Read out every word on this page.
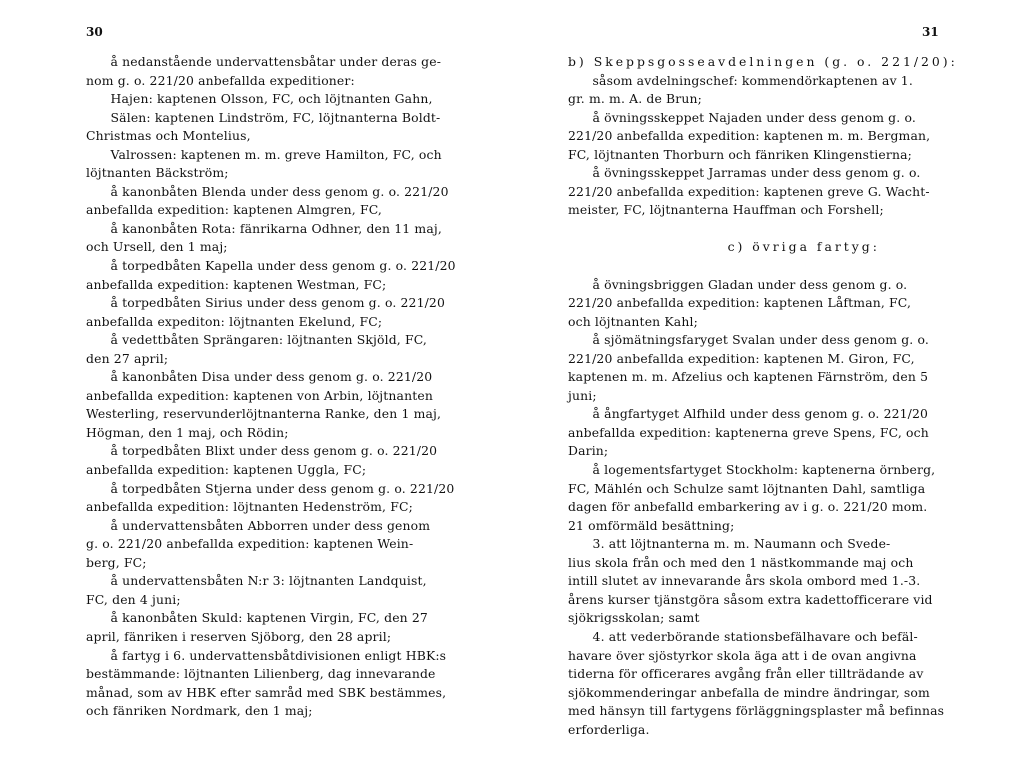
30
å nedanstående undervattensbåtar under deras ge-
nom g. o. 221/20 anbefallda expeditioner:
Hajen: kaptenen Olsson, FC, och löjtnanten Gahn,
Sälen: kaptenen Lindström, FC, löjtnanterna Boldt-
Christmas och Montelius,
Valrossen: kaptenen m. m. greve Hamilton, FC, och
löjtnanten Bäckström;
å kanonbåten Blenda under dess genom g. o. 221/20
anbefallda expedition: kaptenen Almgren, FC,
å kanonbåten Rota: fänrikarna Odhner, den 11 maj,
och Ursell, den 1 maj;
å torpedbåten Kapella under dess genom g. o. 221/20
anbefallda expedition: kaptenen Westman, FC;
å torpedbåten Sirius under dess genom g. o. 221/20
anbefallda expediton: löjtnanten Ekelund, FC;
å vedettbåten Sprängaren: löjtnanten Skjöld, FC,
den 27 april;
å kanonbåten Disa under dess genom g. o. 221/20
anbefallda expedition: kaptenen von Arbin, löjtnanten
Westerling, reservunderlöjtnanterna Ranke, den 1 maj,
Högman, den 1 maj, och Rödin;
å torpedbåten Blixt under dess genom g. o. 221/20
anbefallda expedition: kaptenen Uggla, FC;
å torpedbåten Stjerna under dess genom g. o. 221/20
anbefallda expedition: löjtnanten Hedenström, FC;
å undervattensbåten Abborren under dess genom
g. o. 221/20 anbefallda expedition: kaptenen Wein-
berg, FC;
å undervattensbåten N:r 3: löjtnanten Landquist,
FC, den 4 juni;
å kanonbåten Skuld: kaptenen Virgin, FC, den 27
april, fänriken i reserven Sjöborg, den 28 april;
å fartyg i 6. undervattensbåtdivisionen enligt HBK:s
bestämmande: löjtnanten Lilienberg, dag innevarande
månad, som av HBK efter samråd med SBK bestämmes,
och fänriken Nordmark, den 1 maj;
31
b) Skeppsgosseavdelningen (g. o. 221/20):
såsom avdelningschef: kommendörkaptenen av 1.
gr. m. m. A. de Brun;
å övningsskeppet Najaden under dess genom g. o.
221/20 anbefallda expedition: kaptenen m. m. Bergman,
FC, löjtnanten Thorburn och fänriken Klingenstierna;
å övningsskeppet Jarramas under dess genom g. o.
221/20 anbefallda expedition: kaptenen greve G. Wacht-
meister, FC, löjtnanterna Hauffman och Forshell;
c) övriga fartyg:
å övningsbriggen Gladan under dess genom g. o.
221/20 anbefallda expedition: kaptenen Låftman, FC,
och löjtnanten Kahl;
å sjömätningsfaryget Svalan under dess genom g. o.
221/20 anbefallda expedition: kaptenen M. Giron, FC,
kaptenen m. m. Afzelius och kaptenen Färnström, den 5
juni;
å ångfartyget Alfhild under dess genom g. o. 221/20
anbefallda expedition: kaptenerna greve Spens, FC, och
Darin;
å logementsfartyget Stockholm: kaptenerna örnberg,
FC, Mählén och Schulze samt löjtnanten Dahl, samtliga
dagen för anbefalld embarkering av i g. o. 221/20 mom.
21 omförmäld besättning;
3. att löjtnanterna m. m. Naumann och Svede-
lius skola från och med den 1 nästkommande maj och
intill slutet av innevarande års skola ombord med 1.-3.
årens kurser tjänstgöra såsom extra kadettofficerare vid
sjökrigsskolan; samt
4. att vederbörande stationsbefälhavare och befäl-
havare över sjöstyrkor skola äga att i de ovan angivna
tiderna för officerares avgång från eller tillträdande av
sjökommenderingar anbefalla de mindre ändringar, som
med hänsyn till fartygens förläggningsplaster må befinnas
erforderliga.
